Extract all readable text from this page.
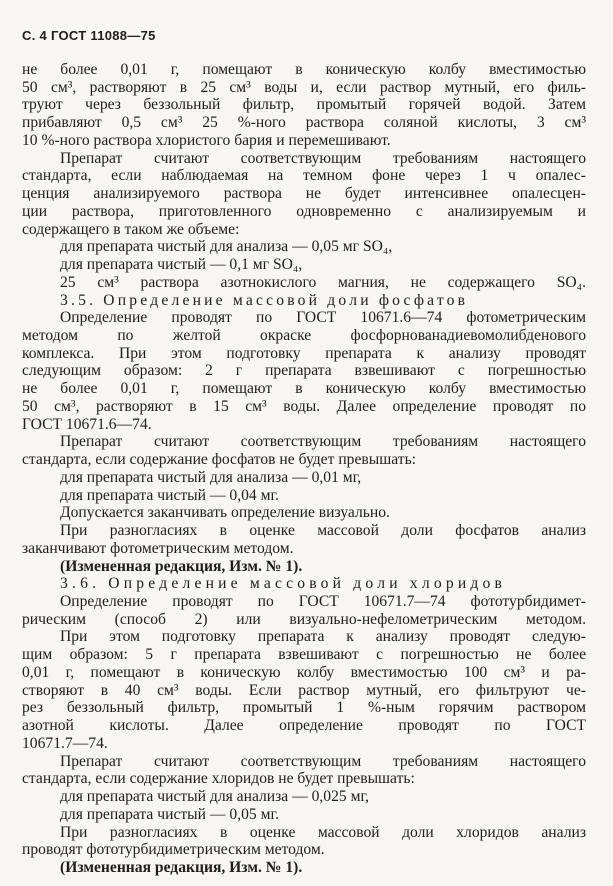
С. 4 ГОСТ 11088—75
не более 0,01 г, помещают в коническую колбу вместимостью
50 см³, растворяют в 25 см³ воды и, если раствор мутный, его филь-
труют через беззольный фильтр, промытый горячей водой. Затем
прибавляют 0,5 см³ 25 %-ного раствора соляной кислоты, 3 см³
10 %-ного раствора хлористого бария и перемешивают.
Препарат считают соответствующим требованиям настоящего
стандарта, если наблюдаемая на темном фоне через 1 ч опалес-
ценция анализируемого раствора не будет интенсивнее опалесцен-
ции раствора, приготовленного одновременно с анализируемым и
содержащего в таком же объеме:
для препарата чистый для анализа — 0,05 мг SO₄,
для препарата чистый — 0,1 мг SO₄,
25 см³ раствора азотнокислого магния, не содержащего SO₄.
3.5. Определение массовой доли фосфатов
Определение проводят по ГОСТ 10671.6—74 фотометрическим
методом по желтой окраске фосфорнованадиевомолибденового
комплекса. При этом подготовку препарата к анализу проводят
следующим образом: 2 г препарата взвешивают с погрешностью
не более 0,01 г, помещают в коническую колбу вместимостью
50 см³, растворяют в 15 см³ воды. Далее определение проводят по
ГОСТ 10671.6—74.
Препарат считают соответствующим требованиям настоящего
стандарта, если содержание фосфатов не будет превышать:
для препарата чистый для анализа — 0,01 мг,
для препарата чистый — 0,04 мг.
Допускается заканчивать определение визуально.
При разногласиях в оценке массовой доли фосфатов анализ
заканчивают фотометрическим методом.
(Измененная редакция, Изм. № 1).
3.6. Определение массовой доли хлоридов
Определение проводят по ГОСТ 10671.7—74 фототурбидимет-
рическим (способ 2) или визуально-нефелометрическим методом.
При этом подготовку препарата к анализу проводят следую-
щим образом: 5 г препарата взвешивают с погрешностью не более
0,01 г, помещают в коническую колбу вместимостью 100 см³ и ра-
створяют в 40 см³ воды. Если раствор мутный, его фильтруют че-
рез беззольный фильтр, промытый 1 %-ным горячим раствором
азотной кислоты. Далее определение проводят по ГОСТ
10671.7—74.
Препарат считают соответствующим требованиям настоящего
стандарта, если содержание хлоридов не будет превышать:
для препарата чистый для анализа — 0,025 мг,
для препарата чистый — 0,05 мг.
При разногласиях в оценке массовой доли хлоридов анализ
проводят фототурбидиметрическим методом.
(Измененная редакция, Изм. № 1).
